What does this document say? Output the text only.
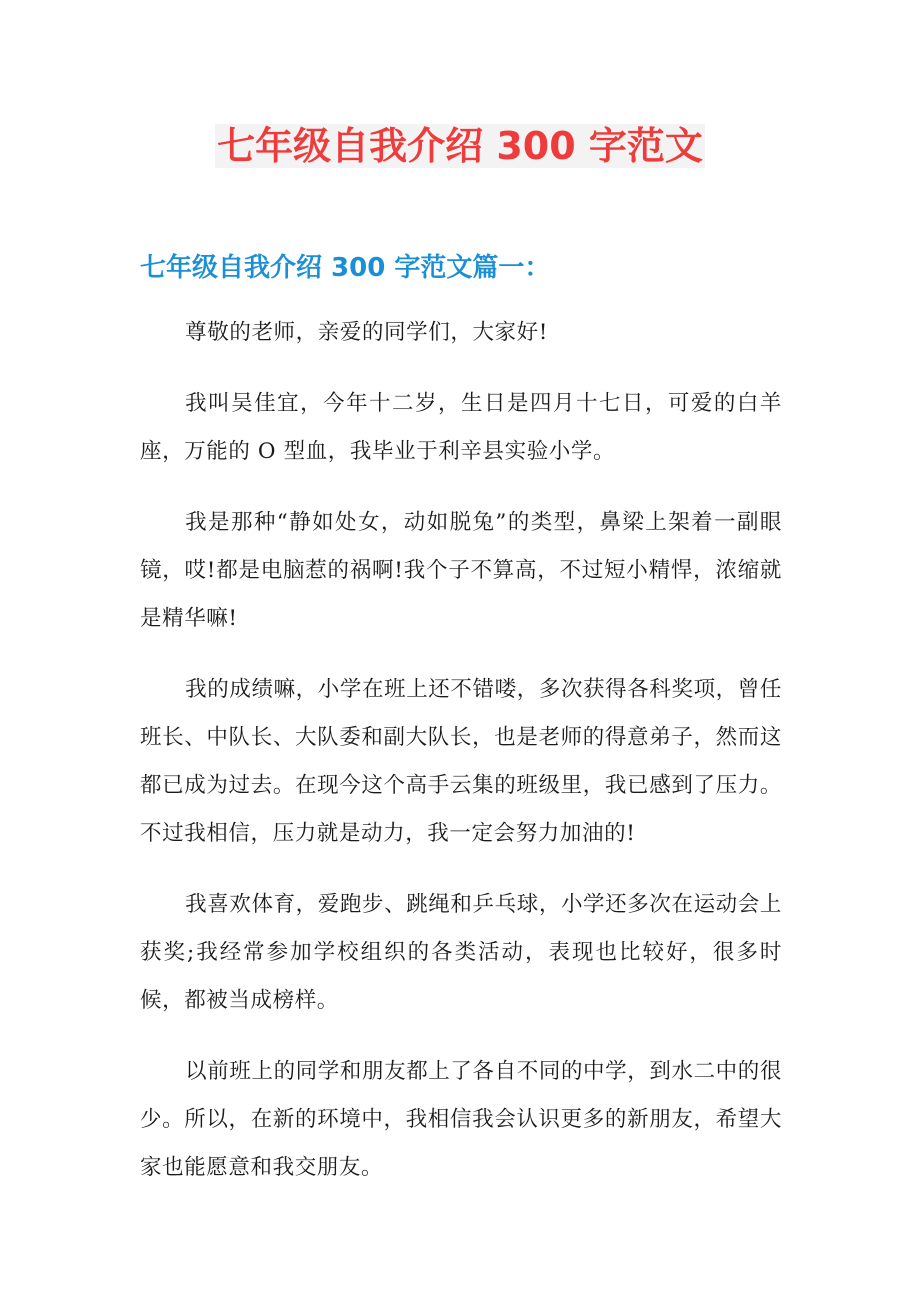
七年级自我介绍 300 字范文
七年级自我介绍 300 字范文篇一：

尊敬的老师，亲爱的同学们，大家好!

我叫吴佳宜，今年十二岁，生日是四月十七日，可爱的白羊座，万能的 O 型血，我毕业于利辛县实验小学。

我是那种“静如处女，动如脱兔”的类型，鼻梁上架着一副眼镜，哎!都是电脑惹的祸啊!我个子不算高，不过短小精悍，浓缩就是精华嘛!

我的成绩嘛，小学在班上还不错喽，多次获得各科奖项，曾任班长、中队长、大队委和副大队长，也是老师的得意弟子，然而这都已成为过去。在现今这个高手云集的班级里，我已感到了压力。不过我相信，压力就是动力，我一定会努力加油的!

我喜欢体育，爱跑步、跳绳和乒乓球，小学还多次在运动会上获奖;我经常参加学校组织的各类活动，表现也比较好，很多时候，都被当成榜样。

以前班上的同学和朋友都上了各自不同的中学，到水二中的很少。所以，在新的环境中，我相信我会认识更多的新朋友，希望大家也能愿意和我交朋友。
